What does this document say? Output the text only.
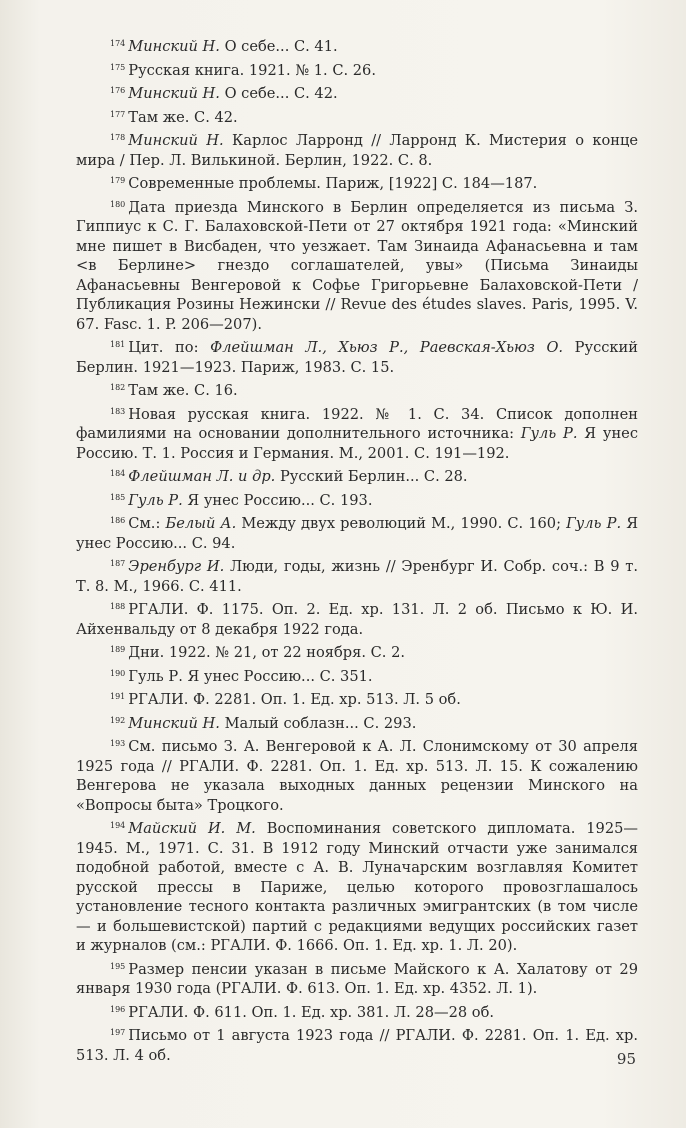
$^{174}$ Минский Н. О себе... С. 41.

$^{175}$ Русская книга. 1921. № 1. С. 26.

$^{176}$ Минский Н. О себе... С. 42.

$^{177}$ Там же. С. 42.

$^{178}$ Минский Н. Карлос Ларронд // Ларронд К. Мистерия о конце мира / Пер. Л. Вилькиной. Берлин, 1922. С. 8.

$^{179}$ Современные проблемы. Париж, [1922] С. 184—187.

$^{180}$ Дата приезда Минского в Берлин определяется из письма З. Гиппиус к С. Г. Балаховской-Пети от 27 октября 1921 года: «Минский мне пишет в Висбаден, что уезжает. Там Зинаида Афанасьевна и там <в Берлине> гнездо соглашателей, увы» (Письма Зинаиды Афанасьевны Венгеровой к Софье Григорьевне Балаховской-Пети / Публикация Розины Нежински // Revue des études slaves. Paris, 1995. V. 67. Fasc. 1. P. 206—207).

$^{181}$ Цит. по: Флейшман Л., Хьюз Р., Раевская-Хьюз О. Русский Берлин. 1921—1923. Париж, 1983. С. 15.

$^{182}$ Там же. С. 16.

$^{183}$ Новая русская книга. 1922. № 1. С. 34. Список дополнен фамилиями на основании дополнительного источника: Гуль Р. Я унес Россию. Т. 1. Россия и Германия. М., 2001. С. 191—192.

$^{184}$ Флейшман Л. и др. Русский Берлин... С. 28.

$^{185}$ Гуль Р. Я унес Россию... С. 193.

$^{186}$ См.: Белый А. Между двух революций М., 1990. С. 160; Гуль Р. Я унес Россию... С. 94.

$^{187}$ Эренбург И. Люди, годы, жизнь // Эренбург И. Собр. соч.: В 9 т. Т. 8. М., 1966. С. 411.

$^{188}$ РГАЛИ. Ф. 1175. Оп. 2. Ед. хр. 131. Л. 2 об. Письмо к Ю. И. Айхенвальду от 8 декабря 1922 года.

$^{189}$ Дни. 1922. № 21, от 22 ноября. С. 2.

$^{190}$ Гуль Р. Я унес Россию... С. 351.

$^{191}$ РГАЛИ. Ф. 2281. Оп. 1. Ед. хр. 513. Л. 5 об.

$^{192}$ Минский Н. Малый соблазн... С. 293.

$^{193}$ См. письмо З. А. Венгеровой к А. Л. Слонимскому от 30 апреля 1925 года // РГАЛИ. Ф. 2281. Оп. 1. Ед. хр. 513. Л. 15. К сожалению Венгерова не указала выходных данных рецензии Минского на «Вопросы быта» Троцкого.

$^{194}$ Майский И. М. Воспоминания советского дипломата. 1925—1945. М., 1971. С. 31. В 1912 году Минский отчасти уже занимался подобной работой, вместе с А. В. Луначарским возглавляя Комитет русской прессы в Париже, целью которого провозглашалось установление тесного контакта различных эмигрантских (в том числе — и большевистской) партий с редакциями ведущих российских газет и журналов (см.: РГАЛИ. Ф. 1666. Оп. 1. Ед. хр. 1. Л. 20).

$^{195}$ Размер пенсии указан в письме Майского к А. Халатову от 29 января 1930 года (РГАЛИ. Ф. 613. Оп. 1. Ед. хр. 4352. Л. 1).

$^{196}$ РГАЛИ. Ф. 611. Оп. 1. Ед. хр. 381. Л. 28—28 об.

$^{197}$ Письмо от 1 августа 1923 года // РГАЛИ. Ф. 2281. Оп. 1. Ед. хр. 513. Л. 4 об.	95
